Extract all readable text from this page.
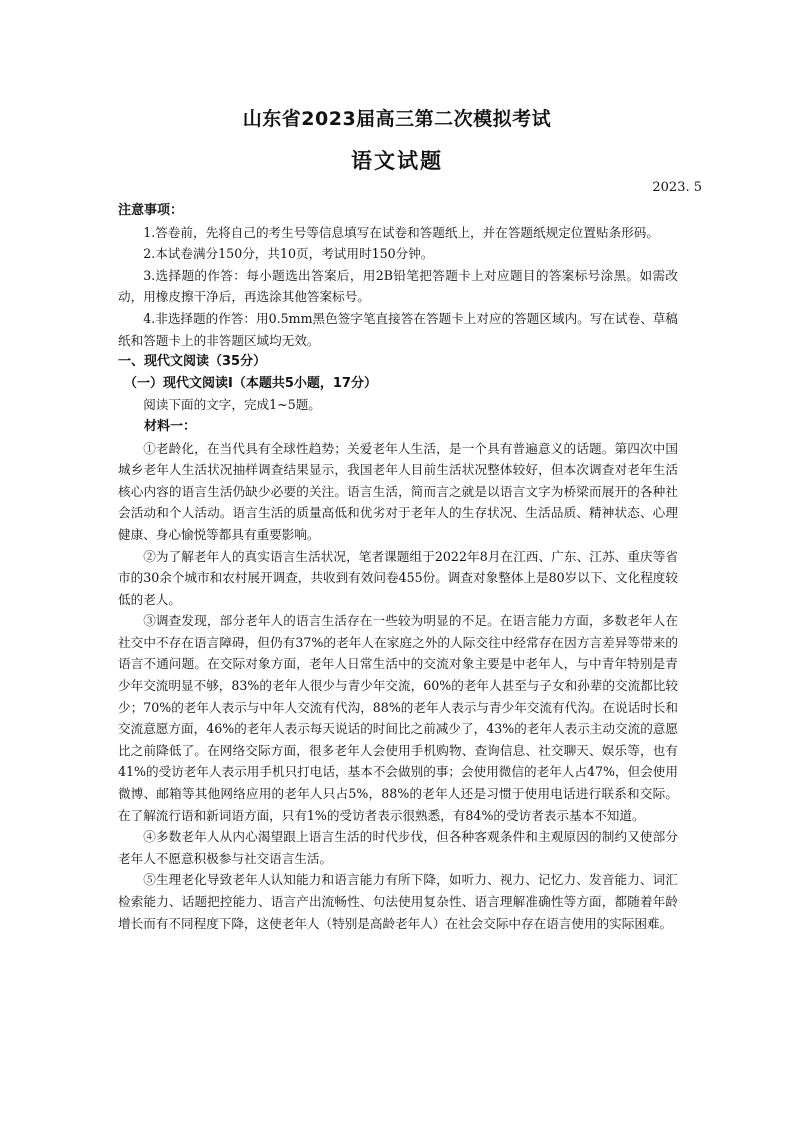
山东省2023届高三第二次模拟考试
语文试题
2023. 5

注意事项：

1.答卷前，先将自己的考生号等信息填写在试卷和答题纸上，并在答题纸规定位置贴条形码。

2.本试卷满分150分，共10页，考试用时150分钟。

3.选择题的作答：每小题选出答案后，用2B铅笔把答题卡上对应题目的答案标号涂黑。如需改动，用橡皮擦干净后，再选涂其他答案标号。

4.非选择题的作答：用0.5mm黑色签字笔直接答在答题卡上对应的答题区域内。写在试卷、草稿纸和答题卡上的非答题区域均无效。

一、现代文阅读（35分）

（一）现代文阅读Ⅰ（本题共5小题，17分）

阅读下面的文字，完成1~5题。

材料一：

①老龄化，在当代具有全球性趋势；关爱老年人生活，是一个具有普遍意义的话题。第四次中国城乡老年人生活状况抽样调查结果显示，我国老年人目前生活状况整体较好，但本次调查对老年生活核心内容的语言生活仍缺少必要的关注。语言生活，简而言之就是以语言文字为桥梁而展开的各种社会活动和个人活动。语言生活的质量高低和优劣对于老年人的生存状况、生活品质、精神状态、心理健康、身心愉悦等都具有重要影响。

②为了解老年人的真实语言生活状况，笔者课题组于2022年8月在江西、广东、江苏、重庆等省市的30余个城市和农村展开调查，共收到有效问卷455份。调查对象整体上是80岁以下、文化程度较低的老人。

③调查发现，部分老年人的语言生活存在一些较为明显的不足。在语言能力方面，多数老年人在社交中不存在语言障碍，但仍有37%的老年人在家庭之外的人际交往中经常存在因方言差异等带来的语言不通问题。在交际对象方面，老年人日常生活中的交流对象主要是中老年人，与中青年特别是青少年交流明显不够，83%的老年人很少与青少年交流，60%的老年人甚至与子女和孙辈的交流都比较少；70%的老年人表示与中年人交流有代沟，88%的老年人表示与青少年交流有代沟。在说话时长和交流意愿方面，46%的老年人表示每天说话的时间比之前减少了，43%的老年人表示主动交流的意愿比之前降低了。在网络交际方面，很多老年人会使用手机购物、查询信息、社交聊天、娱乐等，也有41%的受访老年人表示用手机只打电话，基本不会做别的事；会使用微信的老年人占47%，但会使用微博、邮箱等其他网络应用的老年人只占5%，88%的老年人还是习惯于使用电话进行联系和交际。在了解流行语和新词语方面，只有1%的受访者表示很熟悉，有84%的受访者表示基本不知道。

④多数老年人从内心渴望跟上语言生活的时代步伐，但各种客观条件和主观原因的制约又使部分老年人不愿意积极参与社交语言生活。

⑤生理老化导致老年人认知能力和语言能力有所下降，如听力、视力、记忆力、发音能力、词汇检索能力、话题把控能力、语言产出流畅性、句法使用复杂性、语言理解准确性等方面，都随着年龄增长而有不同程度下降，这使老年人（特别是高龄老年人）在社会交际中存在语言使用的实际困难。
